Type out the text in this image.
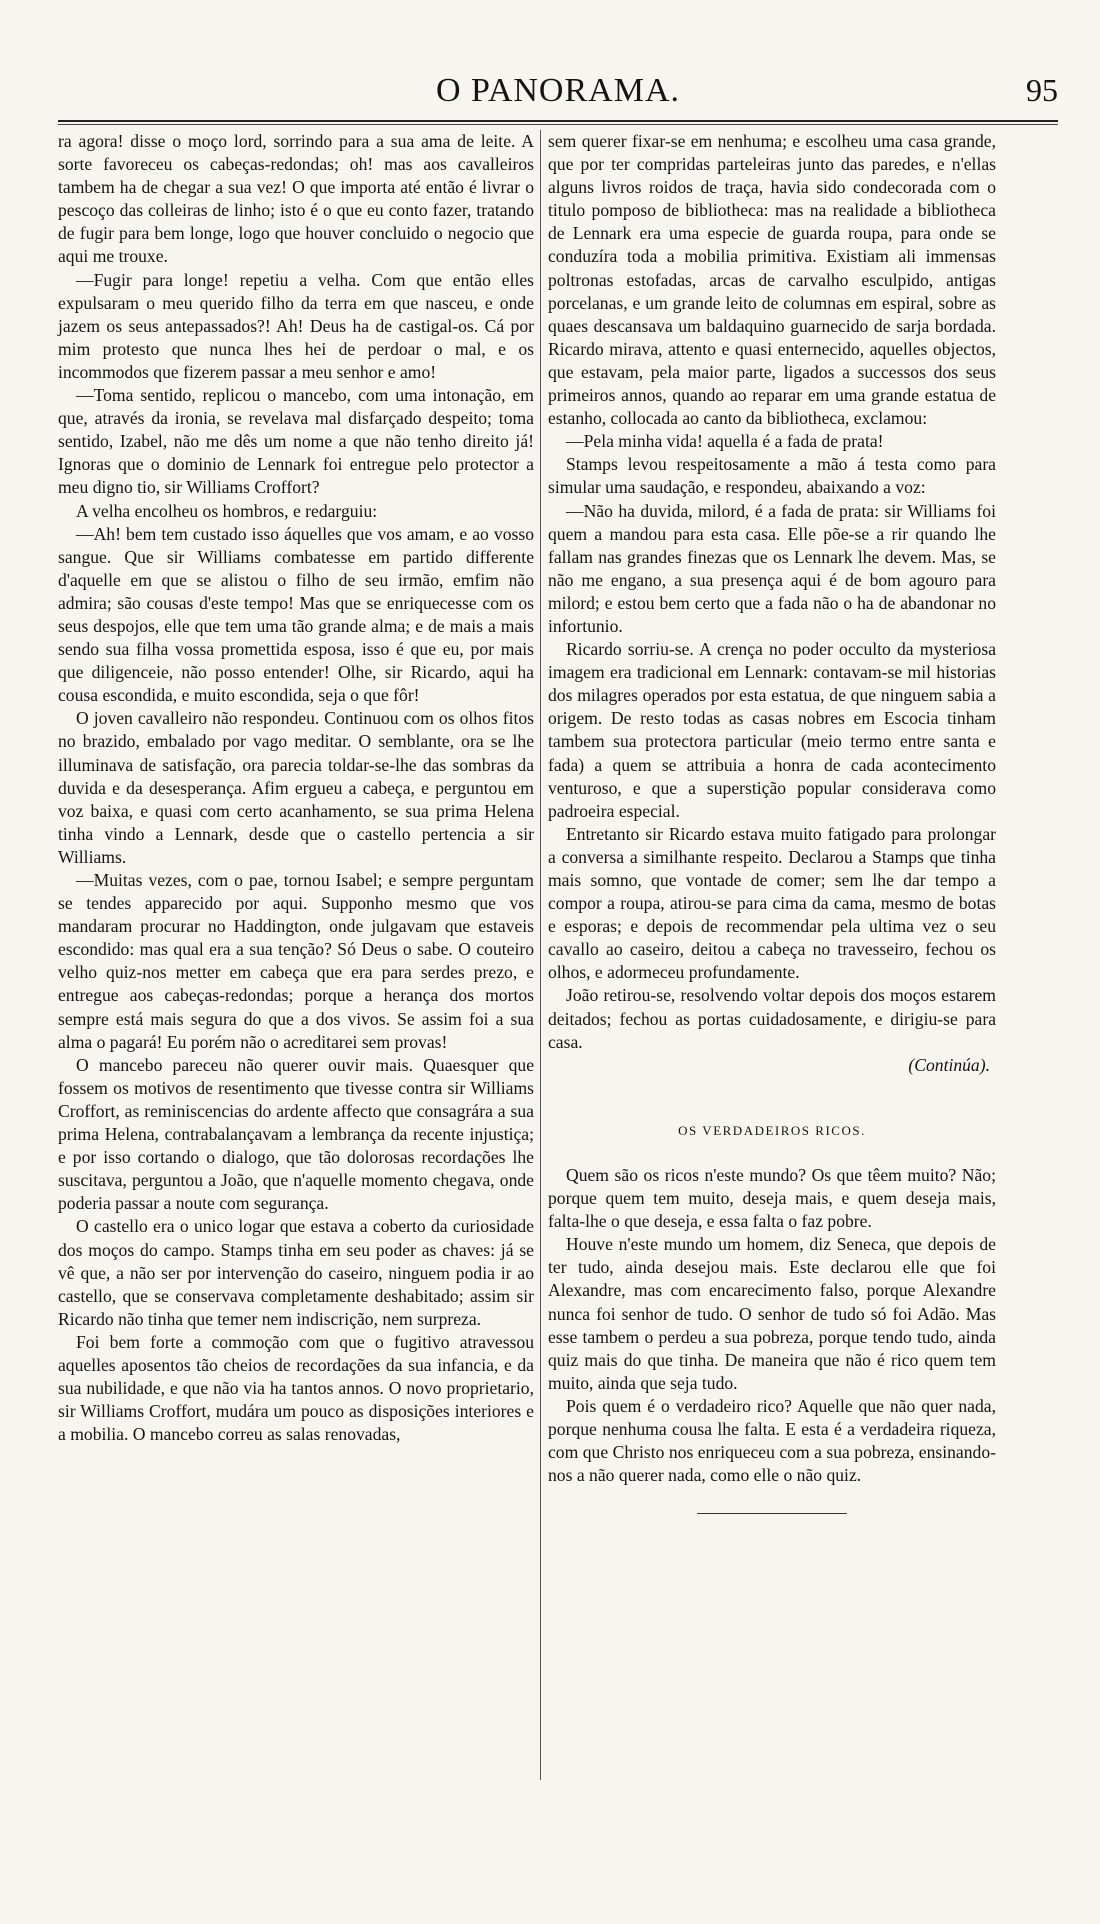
O PANORAMA.	95

ra agora! disse o moço lord, sorrindo para a sua ama de leite. A sorte favoreceu os cabeças-redondas; oh! mas aos cavalleiros tambem ha de chegar a sua vez! O que importa até então é livrar o pescoço das colleiras de linho; isto é o que eu conto fazer, tratando de fugir para bem longe, logo que houver concluido o negocio que aqui me trouxe.

—Fugir para longe! repetiu a velha. Com que então elles expulsaram o meu querido filho da terra em que nasceu, e onde jazem os seus antepassados?! Ah! Deus ha de castigal-os. Cá por mim protesto que nunca lhes hei de perdoar o mal, e os incommodos que fizerem passar a meu senhor e amo!

—Toma sentido, replicou o mancebo, com uma intonação, em que, através da ironia, se revelava mal disfarçado despeito; toma sentido, Izabel, não me dês um nome a que não tenho direito já! Ignoras que o dominio de Lennark foi entregue pelo protector a meu digno tio, sir Williams Croffort?

A velha encolheu os hombros, e redarguiu:

—Ah! bem tem custado isso áquelles que vos amam, e ao vosso sangue. Que sir Williams combatesse em partido differente d'aquelle em que se alistou o filho de seu irmão, emfim não admira; são cousas d'este tempo! Mas que se enriquecesse com os seus despojos, elle que tem uma tão grande alma; e de mais a mais sendo sua filha vossa promettida esposa, isso é que eu, por mais que diligenceie, não posso entender! Olhe, sir Ricardo, aqui ha cousa escondida, e muito escondida, seja o que fôr!

O joven cavalleiro não respondeu. Continuou com os olhos fitos no brazido, embalado por vago meditar. O semblante, ora se lhe illuminava de satisfação, ora parecia toldar-se-lhe das sombras da duvida e da desesperança. Afim ergueu a cabeça, e perguntou em voz baixa, e quasi com certo acanhamento, se sua prima Helena tinha vindo a Lennark, desde que o castello pertencia a sir Williams.

—Muitas vezes, com o pae, tornou Isabel; e sempre perguntam se tendes apparecido por aqui. Supponho mesmo que vos mandaram procurar no Haddington, onde julgavam que estaveis escondido: mas qual era a sua tenção? Só Deus o sabe. O couteiro velho quiz-nos metter em cabeça que era para serdes prezo, e entregue aos cabeças-redondas; porque a herança dos mortos sempre está mais segura do que a dos vivos. Se assim foi a sua alma o pagará! Eu porém não o acreditarei sem provas!

O mancebo pareceu não querer ouvir mais. Quaesquer que fossem os motivos de resentimento que tivesse contra sir Williams Croffort, as reminiscencias do ardente affecto que consagrára a sua prima Helena, contrabalançavam a lembrança da recente injustiça; e por isso cortando o dialogo, que tão dolorosas recordações lhe suscitava, perguntou a João, que n'aquelle momento chegava, onde poderia passar a noute com segurança.

O castello era o unico logar que estava a coberto da curiosidade dos moços do campo. Stamps tinha em seu poder as chaves: já se vê que, a não ser por intervenção do caseiro, ninguem podia ir ao castello, que se conservava completamente deshabitado; assim sir Ricardo não tinha que temer nem indiscrição, nem surpreza.

Foi bem forte a commoção com que o fugitivo atravessou aquelles aposentos tão cheios de recordações da sua infancia, e da sua nubilidade, e que não via ha tantos annos. O novo proprietario, sir Williams Croffort, mudára um pouco as disposições interiores e a mobilia. O mancebo correu as salas renovadas,

sem querer fixar-se em nenhuma; e escolheu uma casa grande, que por ter compridas parteleiras junto das paredes, e n'ellas alguns livros roidos de traça, havia sido condecorada com o titulo pomposo de bibliotheca: mas na realidade a bibliotheca de Lennark era uma especie de guarda roupa, para onde se conduzíra toda a mobilia primitiva. Existiam ali immensas poltronas estofadas, arcas de carvalho esculpido, antigas porcelanas, e um grande leito de columnas em espiral, sobre as quaes descansava um baldaquino guarnecido de sarja bordada. Ricardo mirava, attento e quasi enternecido, aquelles objectos, que estavam, pela maior parte, ligados a successos dos seus primeiros annos, quando ao reparar em uma grande estatua de estanho, collocada ao canto da bibliotheca, exclamou:

—Pela minha vida! aquella é a fada de prata!

Stamps levou respeitosamente a mão á testa como para simular uma saudação, e respondeu, abaixando a voz:

—Não ha duvida, milord, é a fada de prata: sir Williams foi quem a mandou para esta casa. Elle põe-se a rir quando lhe fallam nas grandes finezas que os Lennark lhe devem. Mas, se não me engano, a sua presença aqui é de bom agouro para milord; e estou bem certo que a fada não o ha de abandonar no infortunio.

Ricardo sorriu-se. A crença no poder occulto da mysteriosa imagem era tradicional em Lennark: contavam-se mil historias dos milagres operados por esta estatua, de que ninguem sabia a origem. De resto todas as casas nobres em Escocia tinham tambem sua protectora particular (meio termo entre santa e fada) a quem se attribuia a honra de cada acontecimento venturoso, e que a superstição popular considerava como padroeira especial.

Entretanto sir Ricardo estava muito fatigado para prolongar a conversa a similhante respeito. Declarou a Stamps que tinha mais somno, que vontade de comer; sem lhe dar tempo a compor a roupa, atirou-se para cima da cama, mesmo de botas e esporas; e depois de recommendar pela ultima vez o seu cavallo ao caseiro, deitou a cabeça no travesseiro, fechou os olhos, e adormeceu profundamente.

João retirou-se, resolvendo voltar depois dos moços estarem deitados; fechou as portas cuidadosamente, e dirigiu-se para casa.

(Continúa).

OS VERDADEIROS RICOS.

Quem são os ricos n'este mundo? Os que têem muito? Não; porque quem tem muito, deseja mais, e quem deseja mais, falta-lhe o que deseja, e essa falta o faz pobre.

Houve n'este mundo um homem, diz Seneca, que depois de ter tudo, ainda desejou mais. Este declarou elle que foi Alexandre, mas com encarecimento falso, porque Alexandre nunca foi senhor de tudo. O senhor de tudo só foi Adão. Mas esse tambem o perdeu a sua pobreza, porque tendo tudo, ainda quiz mais do que tinha. De maneira que não é rico quem tem muito, ainda que seja tudo.

Pois quem é o verdadeiro rico? Aquelle que não quer nada, porque nenhuma cousa lhe falta. E esta é a verdadeira riqueza, com que Christo nos enriqueceu com a sua pobreza, ensinando-nos a não querer nada, como elle o não quiz.
